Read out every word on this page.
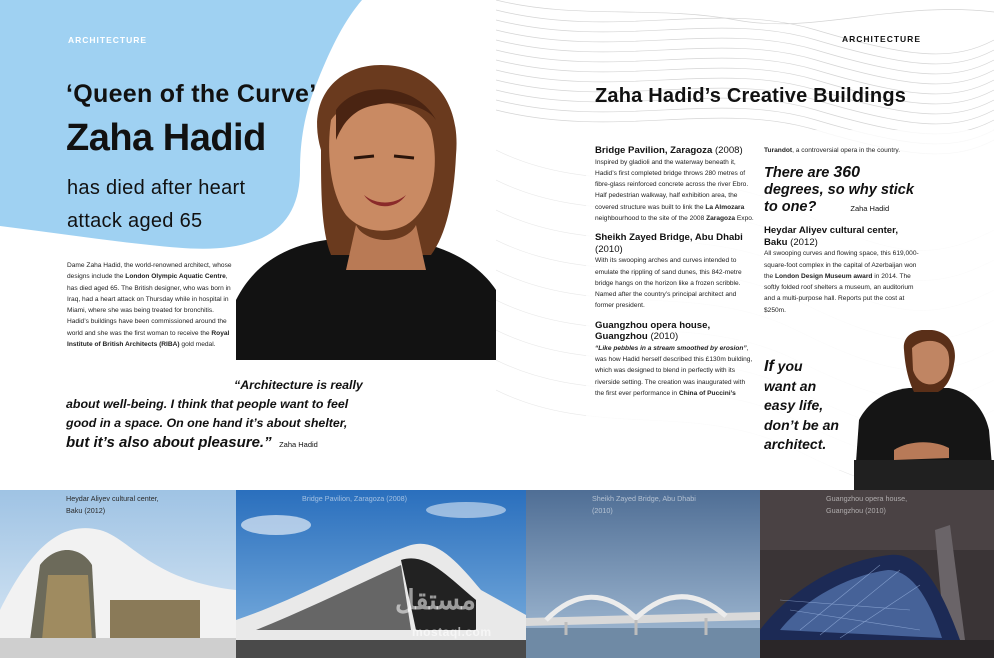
ARCHITECTURE
‘Queen of the Curve’
Zaha Hadid
has died after heart attack aged 65
Dame Zaha Hadid, the world-renowned architect, whose designs include the London Olympic Aquatic Centre, has died aged 65. The British designer, who was born in Iraq, had a heart attack on Thursday while in hospital in Miami, where she was being treated for bronchitis.
Hadid’s buildings have been commissioned around the world and she was the first woman to receive the Royal Institute of British Architects (RIBA) gold medal.
“Architecture is really
about well-being. I think that people want to feel
good in a space. On one hand it’s about shelter,
but it’s also about pleasure.” Zaha Hadid
ARCHITECTURE
Zaha Hadid’s Creative Buildings
Bridge Pavilion, Zaragoza (2008)
Inspired by gladioli and the waterway beneath it, Hadid’s first completed bridge throws 280 metres of fibre-glass reinforced concrete across the river Ebro. Half pedestrian walkway, half exhibition area, the covered structure was built to link the La Almozara neighbourhood to the site of the 2008 Zaragoza Expo.
Sheikh Zayed Bridge, Abu Dhabi (2010)
With its swooping arches and curves intended to emulate the rippling of sand dunes, this 842-metre bridge hangs on the horizon like a frozen scribble. Named after the country’s principal architect and former president.
Guangzhou opera house, Guangzhou (2010)
“Like pebbles in a stream smoothed by erosion”, was how Hadid herself described this £130m building, which was designed to blend in perfectly with its riverside setting. The creation was inaugurated with the first ever performance in China of Puccini’s
Turandot, a controversial opera in the country.
There are 360
degrees, so why stick
to one?	Zaha Hadid
Heydar Aliyev cultural center, Baku (2012)
All swooping curves and flowing space, this 619,000-square-foot complex in the capital of Azerbaijan won the London Design Museum award in 2014. The softly folded roof shelters a museum, an auditorium and a multi-purpose hall. Reports put the cost at $250m.
If you
want an
easy life,
don’t be an
architect.
Heydar Aliyev cultural center, Baku (2012)
Bridge Pavilion, Zaragoza (2008)	Sheikh Zayed Bridge, Abu Dhabi (2010)
Guangzhou opera house, Guangzhou (2010)
مستقل
mostaql.com
